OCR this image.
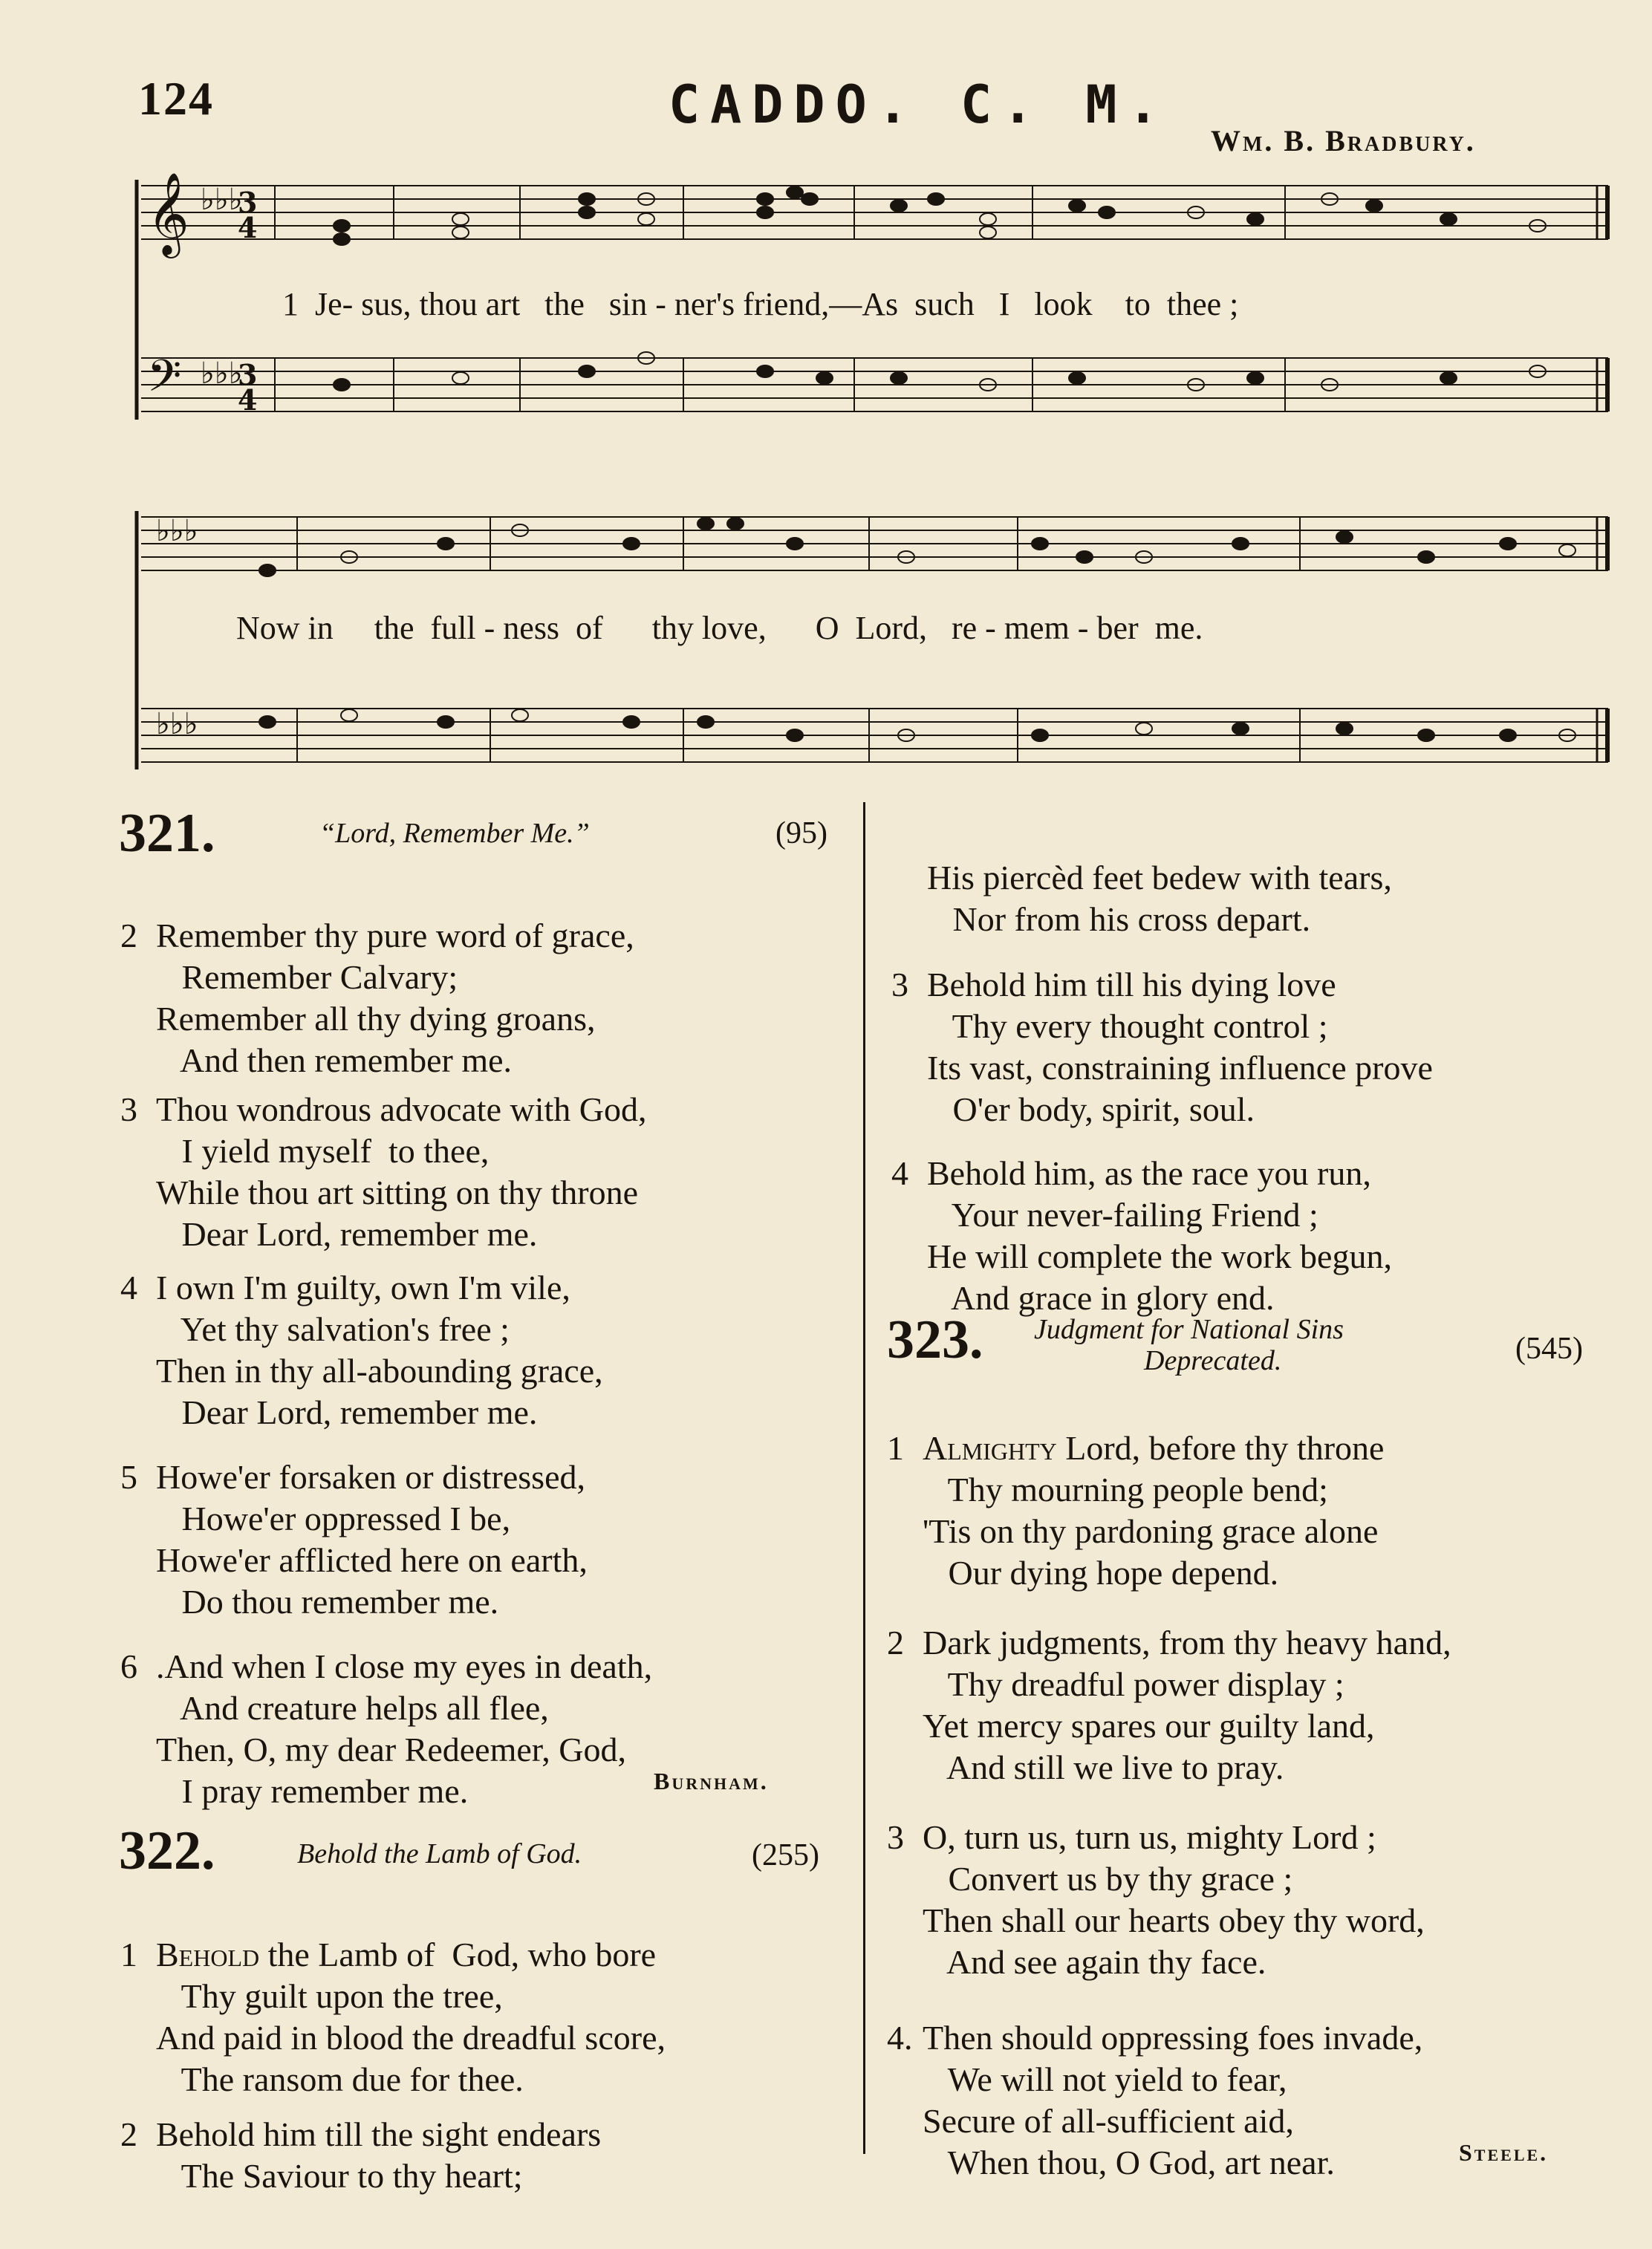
124	CADDO. C. M.
Wm. B. Bradbury.
𝄞
𝄢
♭♭♭
♭♭♭
3
4
3
4
♭♭♭
♭♭♭
1  Je- sus, thou art   the   sin - ner's friend,—As  such   I   look    to  thee ;
Now in     the  full - ness  of      thy love,      O  Lord,   re - mem - ber  me.
321.	“Lord, Remember Me.”	(95)

2 Remember thy pure word of grace,
Remember Calvary;
Remember all thy dying groans,
And then remember me.

3 Thou wondrous advocate with God,
I yield myself  to thee,
While thou art sitting on thy throne
Dear Lord, remember me.

4 I own I'm guilty, own I'm vile,
Yet thy salvation's free ;
Then in thy all-abounding grace,
Dear Lord, remember me.

5 Howe'er forsaken or distressed,
Howe'er oppressed I be,
Howe'er afflicted here on earth,
Do thou remember me.

6 .And when I close my eyes in death,
And creature helps all flee,
Then, O, my dear Redeemer, God,
I pray remember me.	Burnham.
322.	Behold the Lamb of God.	(255)

1 Behold the Lamb of  God, who bore
Thy guilt upon the tree,
And paid in blood the dreadful score,
The ransom due for thee.

2 Behold him till the sight endears
The Saviour to thy heart;

His piercèd feet bedew with tears,
Nor from his cross depart.

3 Behold him till his dying love
Thy every thought control ;
Its vast, constraining influence prove
O'er body, spirit, soul.

4 Behold him, as the race you run,
Your never-failing Friend ;
He will complete the work begun,
And grace in glory end.
323. Judgment for National Sins
Deprecated.	(545)

1 Almighty Lord, before thy throne
Thy mourning people bend;
'Tis on thy pardoning grace alone
Our dying hope depend.

2 Dark judgments, from thy heavy hand,
Thy dreadful power display ;
Yet mercy spares our guilty land,
And still we live to pray.

3 O, turn us, turn us, mighty Lord ;
Convert us by thy grace ;
Then shall our hearts obey thy word,
And see again thy face.

4. Then should oppressing foes invade,
We will not yield to fear,
Secure of all-sufficient aid,
When thou, O God, art near.	Steele.
